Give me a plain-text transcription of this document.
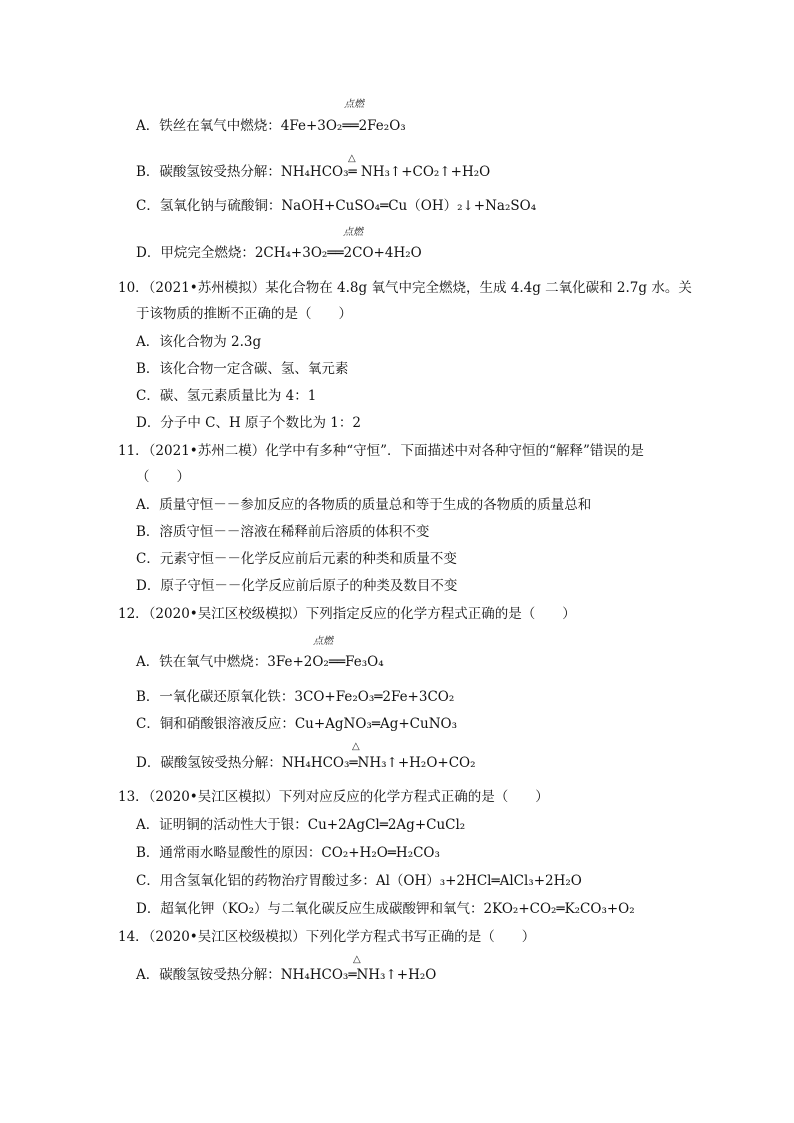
点燃
A．铁丝在氧气中燃烧：4Fe+3O₂══2Fe₂O₃
△
B．碳酸氢铵受热分解：NH₄HCO₃═ NH₃↑+CO₂↑+H₂O
C．氢氧化钠与硫酸铜：NaOH+CuSO₄═Cu（OH）₂↓+Na₂SO₄
点燃
D．甲烷完全燃烧：2CH₄+3O₂══2CO+4H₂O
10．（2021•苏州模拟）某化合物在 4.8g 氧气中完全燃烧，生成 4.4g 二氧化碳和 2.7g 水。关
于该物质的推断不正确的是（　　）
A．该化合物为 2.3g
B．该化合物一定含碳、氢、氧元素
C．碳、氢元素质量比为 4：1
D．分子中 C、H 原子个数比为 1：2
11．（2021•苏州二模）化学中有多种“守恒”．下面描述中对各种守恒的“解释”错误的是
（　　）
A．质量守恒－－参加反应的各物质的质量总和等于生成的各物质的质量总和
B．溶质守恒－－溶液在稀释前后溶质的体积不变
C．元素守恒－－化学反应前后元素的种类和质量不变
D．原子守恒－－化学反应前后原子的种类及数目不变
12．（2020•吴江区校级模拟）下列指定反应的化学方程式正确的是（　　）
点燃
A．铁在氧气中燃烧：3Fe+2O₂══Fe₃O₄
B．一氧化碳还原氧化铁：3CO+Fe₂O₃═2Fe+3CO₂
C．铜和硝酸银溶液反应：Cu+AgNO₃═Ag+CuNO₃
△
D．碳酸氢铵受热分解：NH₄HCO₃═NH₃↑+H₂O+CO₂
13．（2020•吴江区模拟）下列对应反应的化学方程式正确的是（　　）
A．证明铜的活动性大于银：Cu+2AgCl═2Ag+CuCl₂
B．通常雨水略显酸性的原因：CO₂+H₂O═H₂CO₃
C．用含氢氧化铝的药物治疗胃酸过多：Al（OH）₃+2HCl═AlCl₃+2H₂O
D．超氧化钾（KO₂）与二氧化碳反应生成碳酸钾和氧气：2KO₂+CO₂═K₂CO₃+O₂
14．（2020•吴江区校级模拟）下列化学方程式书写正确的是（　　）
△
A．碳酸氢铵受热分解：NH₄HCO₃═NH₃↑+H₂O
